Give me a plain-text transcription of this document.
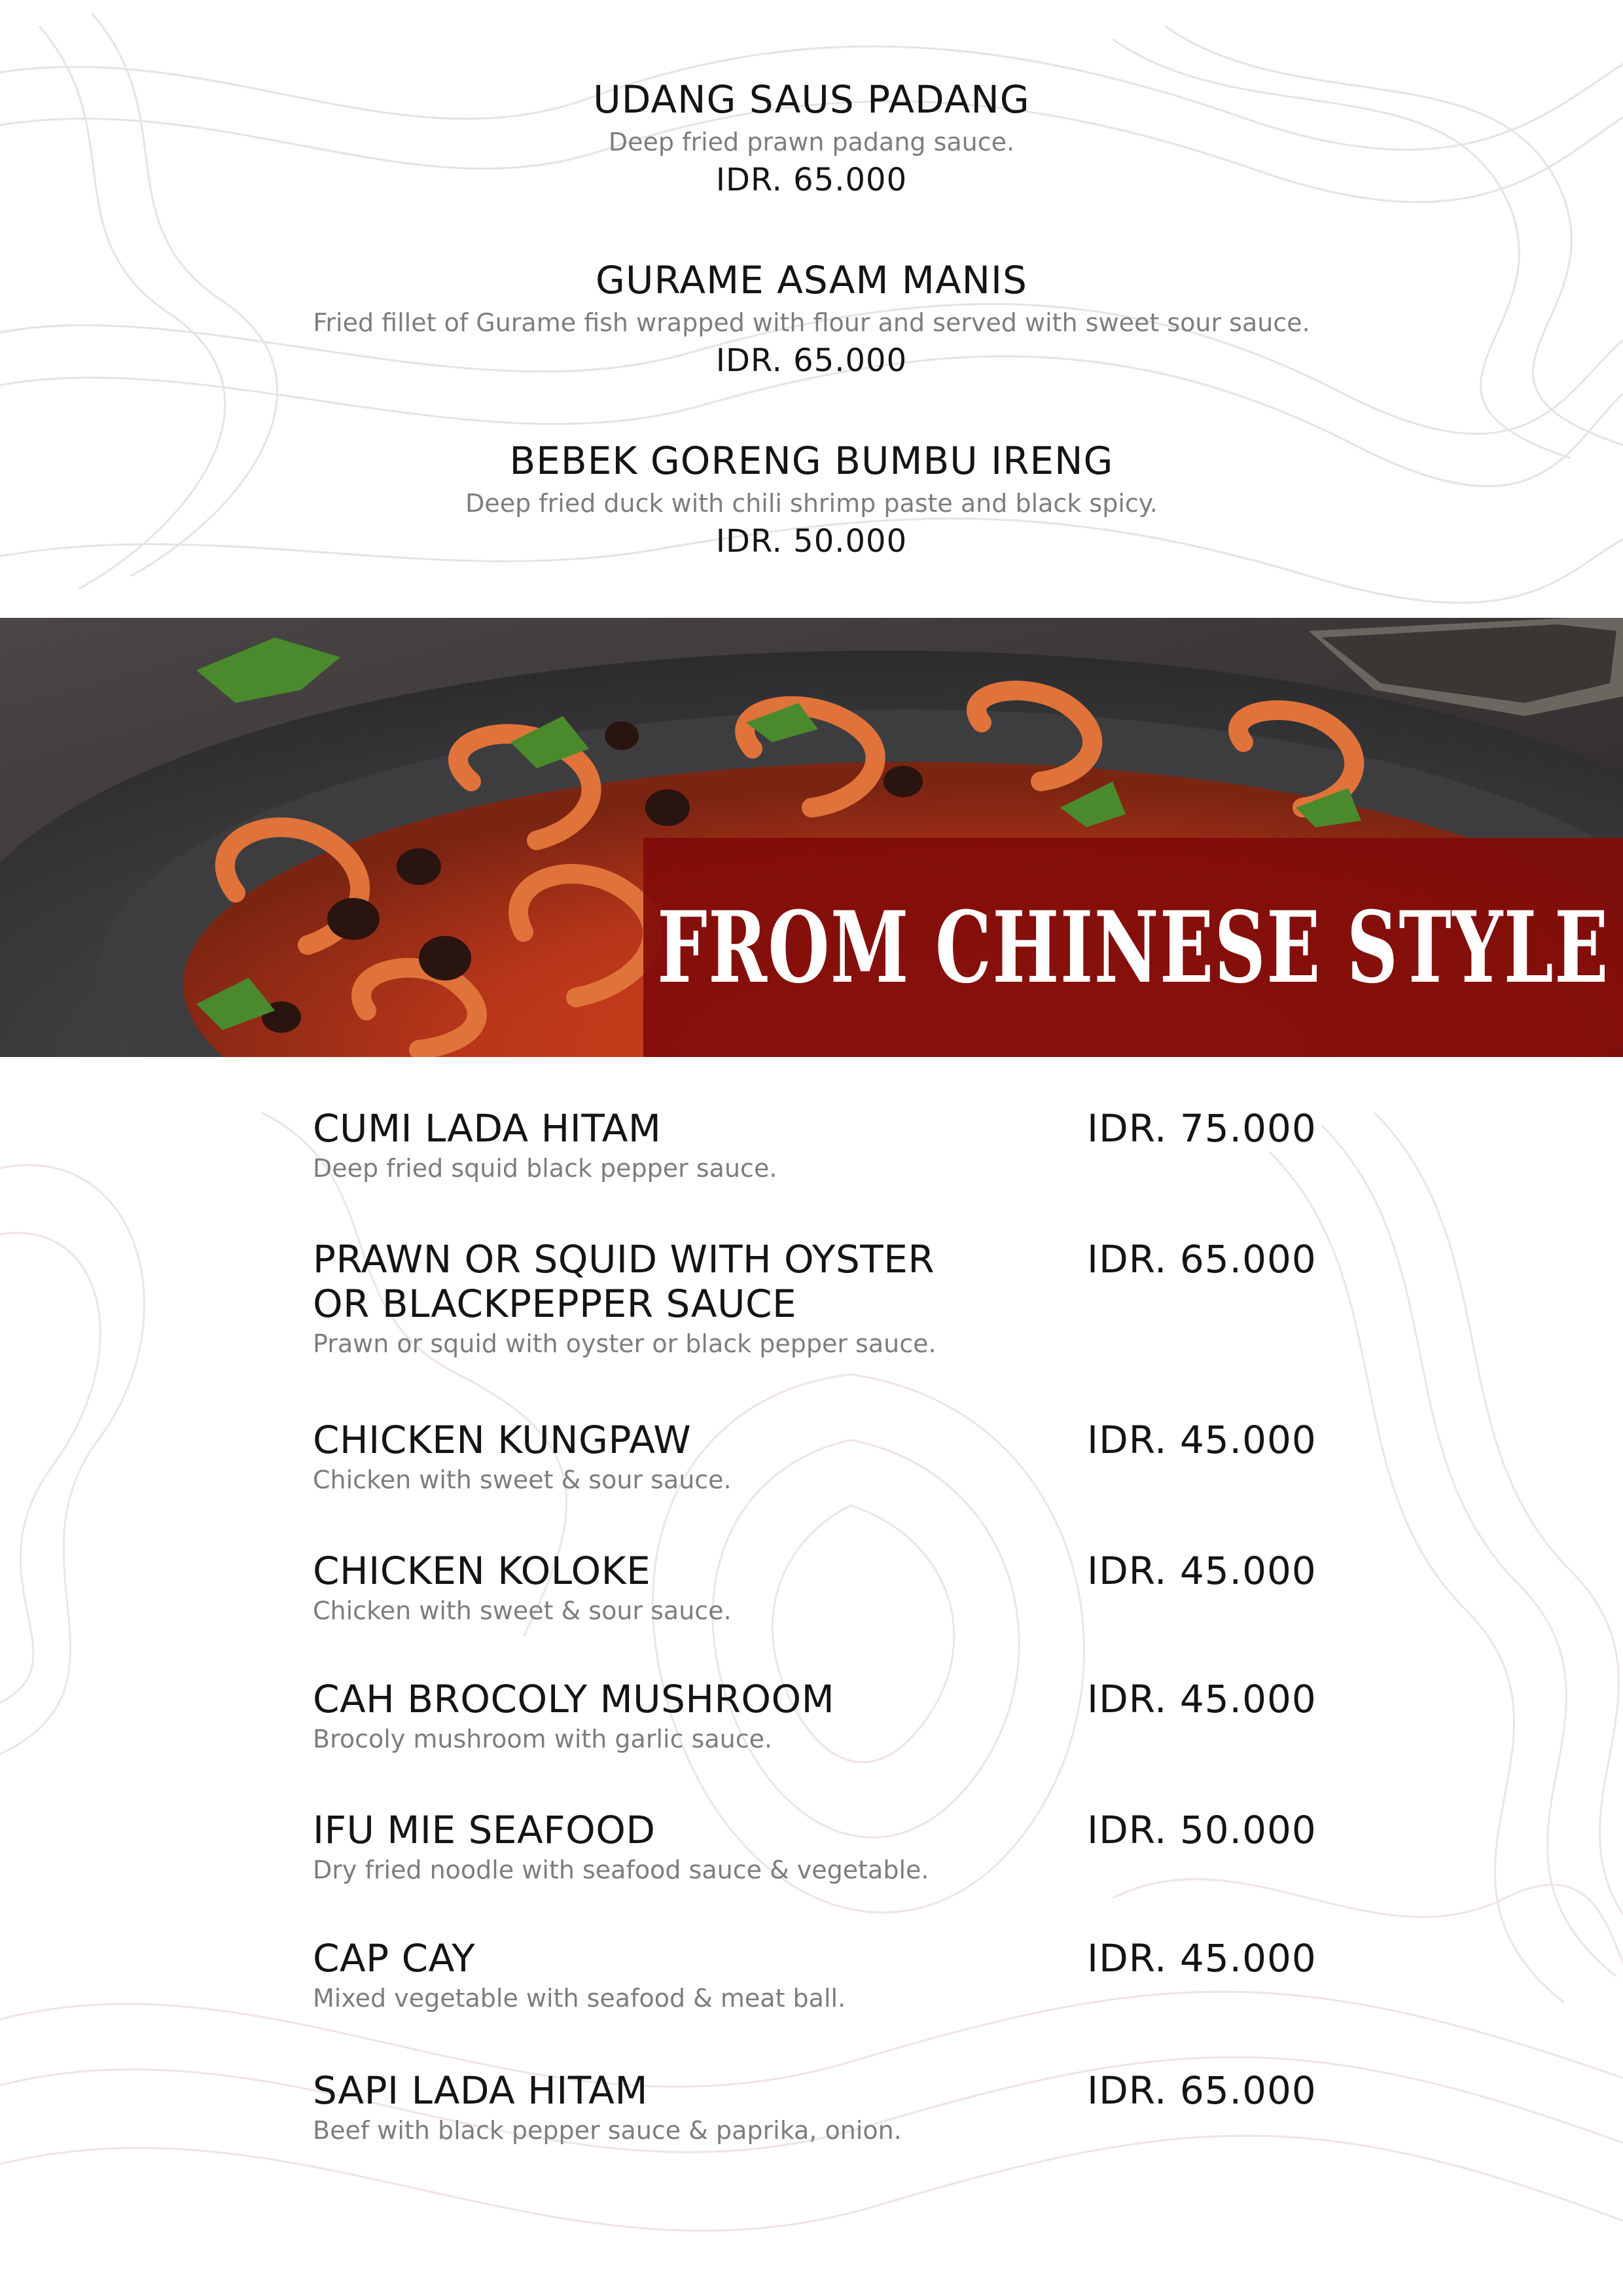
UDANG SAUS PADANG
Deep fried prawn padang sauce.
IDR. 65.000
GURAME ASAM MANIS
Fried fillet of Gurame fish wrapped with flour and served with sweet sour sauce.
IDR. 65.000
BEBEK GORENG BUMBU IRENG
Deep fried duck with chili shrimp paste and black spicy.
IDR. 50.000
FROM CHINESE STYLE
CUMI LADA HITAM
Deep fried squid black pepper sauce.
IDR. 75.000
PRAWN OR SQUID WITH OYSTER OR BLACKPEPPER SAUCE
Prawn or squid with oyster or black pepper sauce.
IDR. 65.000
CHICKEN KUNGPAW
Chicken with sweet & sour sauce.
IDR. 45.000
CHICKEN KOLOKE
Chicken with sweet & sour sauce.
IDR. 45.000
CAH BROCOLY MUSHROOM
Brocoly mushroom with garlic sauce.
IDR. 45.000
IFU MIE SEAFOOD
Dry fried noodle with seafood sauce & vegetable.
IDR. 50.000
CAP CAY
Mixed vegetable with seafood & meat ball.
IDR. 45.000
SAPI LADA HITAM
Beef with black pepper sauce & paprika, onion.
IDR. 65.000
